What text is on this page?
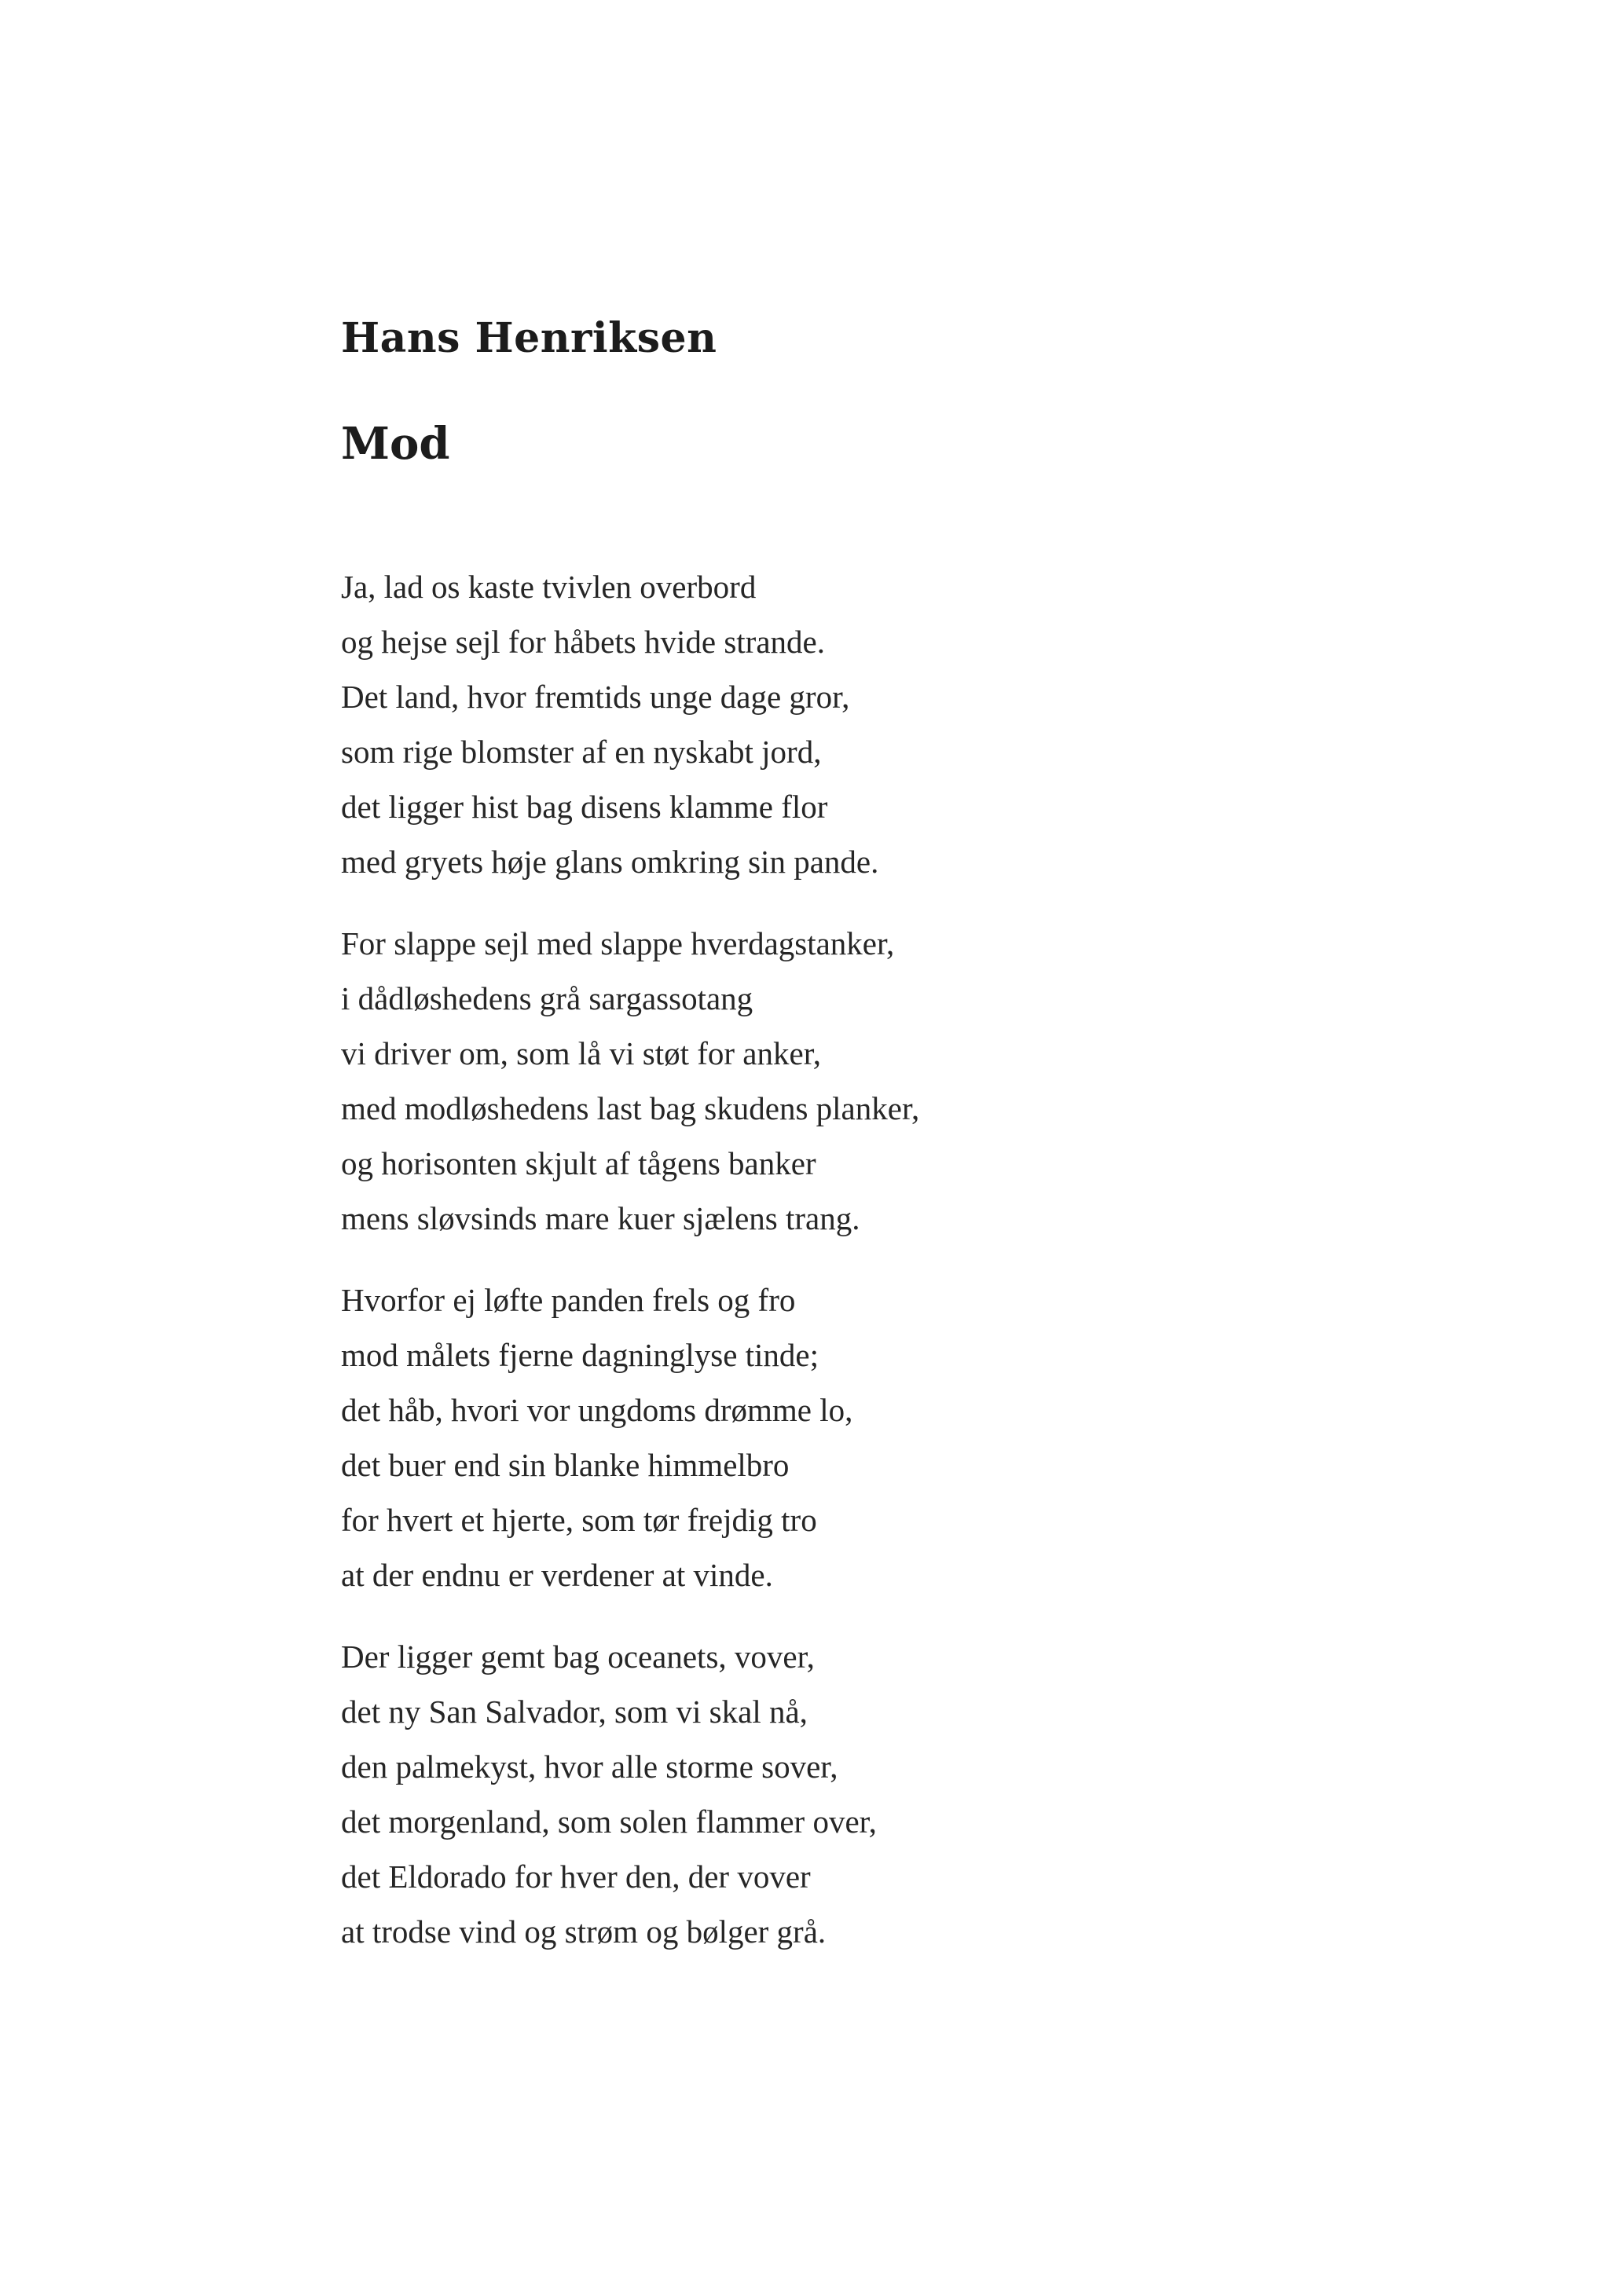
Hans Henriksen
Mod
Ja, lad os kaste tvivlen overbord
og hejse sejl for håbets hvide strande.
Det land, hvor fremtids unge dage gror,
som rige blomster af en nyskabt jord,
det ligger hist bag disens klamme flor
med gryets høje glans omkring sin pande.
For slappe sejl med slappe hverdagstanker,
i dådløshedens grå sargassotang
vi driver om, som lå vi støt for anker,
med modløshedens last bag skudens planker,
og horisonten skjult af tågens banker
mens sløvsinds mare kuer sjælens trang.
Hvorfor ej løfte panden frels og fro
mod målets fjerne dagninglyse tinde;
det håb, hvori vor ungdoms drømme lo,
det buer end sin blanke himmelbro
for hvert et hjerte, som tør frejdig tro
at der endnu er verdener at vinde.
Der ligger gemt bag oceanets, vover,
det ny San Salvador, som vi skal nå,
den palmekyst, hvor alle storme sover,
det morgenland, som solen flammer over,
det Eldorado for hver den, der vover
at trodse vind og strøm og bølger grå.
